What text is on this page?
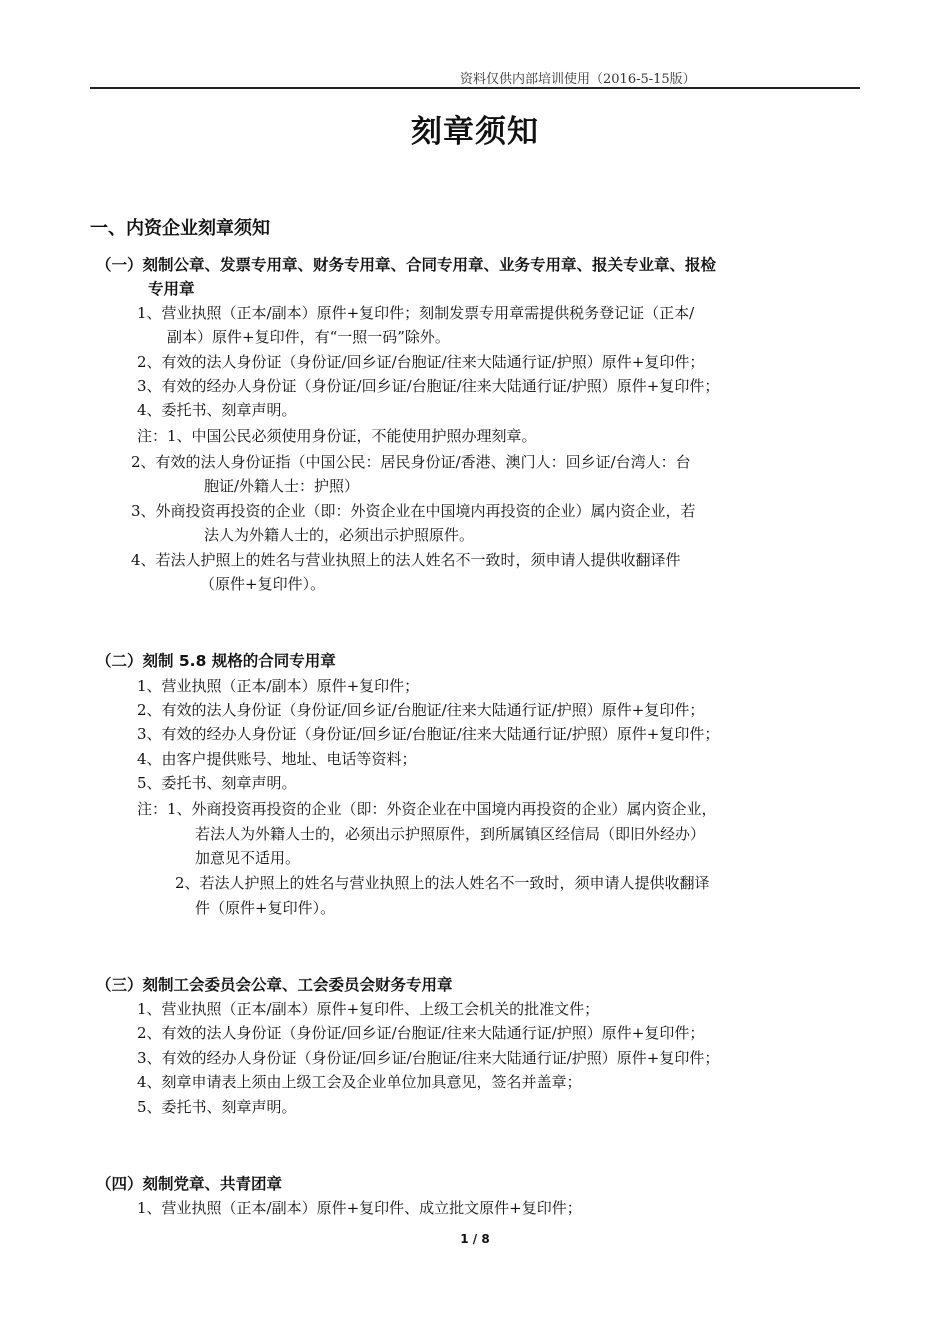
资料仅供内部培训使用（2016-5-15版）
刻章须知
一、内资企业刻章须知
（一）刻制公章、发票专用章、财务专用章、合同专用章、业务专用章、报关专业章、报检
专用章
1、营业执照（正本/副本）原件+复印件；刻制发票专用章需提供税务登记证（正本/
副本）原件+复印件，有“一照一码”除外。
2、有效的法人身份证（身份证/回乡证/台胞证/往来大陆通行证/护照）原件+复印件；
3、有效的经办人身份证（身份证/回乡证/台胞证/往来大陆通行证/护照）原件+复印件；
4、委托书、刻章声明。
注：1、中国公民必须使用身份证，不能使用护照办理刻章。
2、有效的法人身份证指（中国公民：居民身份证/香港、澳门人：回乡证/台湾人：台
胞证/外籍人士：护照）
3、外商投资再投资的企业（即：外资企业在中国境内再投资的企业）属内资企业，若
法人为外籍人士的，必须出示护照原件。
4、若法人护照上的姓名与营业执照上的法人姓名不一致时，须申请人提供收翻译件
（原件+复印件）。
（二）刻制 5.8 规格的合同专用章
1、营业执照（正本/副本）原件+复印件；
2、有效的法人身份证（身份证/回乡证/台胞证/往来大陆通行证/护照）原件+复印件；
3、有效的经办人身份证（身份证/回乡证/台胞证/往来大陆通行证/护照）原件+复印件；
4、由客户提供账号、地址、电话等资料；
5、委托书、刻章声明。
注：1、外商投资再投资的企业（即：外资企业在中国境内再投资的企业）属内资企业，
若法人为外籍人士的，必须出示护照原件，到所属镇区经信局（即旧外经办）
加意见不适用。
2、若法人护照上的姓名与营业执照上的法人姓名不一致时，须申请人提供收翻译
件（原件+复印件）。
（三）刻制工会委员会公章、工会委员会财务专用章
1、营业执照（正本/副本）原件+复印件、上级工会机关的批准文件；
2、有效的法人身份证（身份证/回乡证/台胞证/往来大陆通行证/护照）原件+复印件；
3、有效的经办人身份证（身份证/回乡证/台胞证/往来大陆通行证/护照）原件+复印件；
4、刻章申请表上须由上级工会及企业单位加具意见，签名并盖章；
5、委托书、刻章声明。
（四）刻制党章、共青团章
1、营业执照（正本/副本）原件+复印件、成立批文原件+复印件；
1 / 8
